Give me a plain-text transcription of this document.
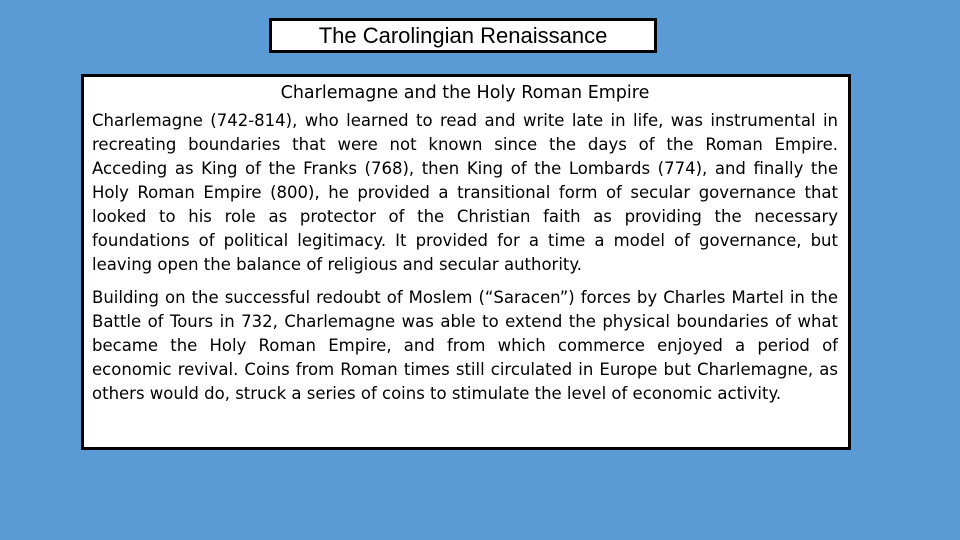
The Carolingian Renaissance
Charlemagne and the Holy Roman Empire

Charlemagne (742-814), who learned to read and write late in life, was instrumental in recreating boundaries that were not known since the days of the Roman Empire. Acceding as King of the Franks (768), then King of the Lombards (774), and finally the Holy Roman Empire (800), he provided a transitional form of secular governance that looked to his role as protector of the Christian faith as providing the necessary foundations of political legitimacy. It provided for a time a model of governance, but leaving open the balance of religious and secular authority.

Building on the successful redoubt of Moslem (“Saracen”) forces by Charles Martel in the Battle of Tours in 732, Charlemagne was able to extend the physical boundaries of what became the Holy Roman Empire, and from which commerce enjoyed a period of economic revival. Coins from Roman times still circulated in Europe but Charlemagne, as others would do, struck a series of coins to stimulate the level of economic activity.
